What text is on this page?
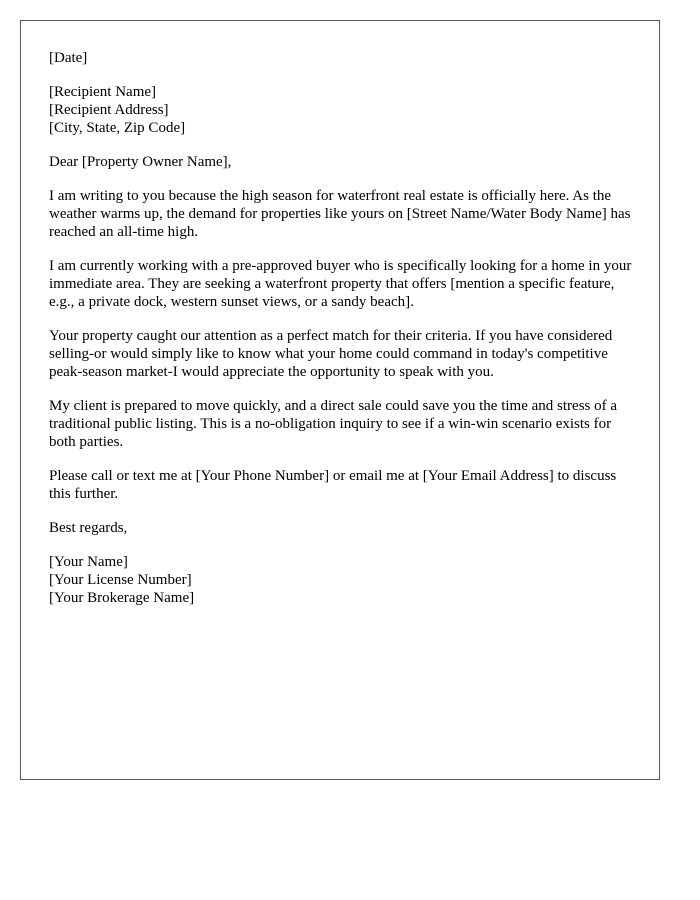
[Date]
[Recipient Name]
[Recipient Address]
[City, State, Zip Code]

Dear [Property Owner Name],

I am writing to you because the high season for waterfront real estate is officially here. As the weather warms up, the demand for properties like yours on [Street Name/Water Body Name] has reached an all-time high.

I am currently working with a pre-approved buyer who is specifically looking for a home in your immediate area. They are seeking a waterfront property that offers [mention a specific feature, e.g., a private dock, western sunset views, or a sandy beach].

Your property caught our attention as a perfect match for their criteria. If you have considered selling-or would simply like to know what your home could command in today's competitive peak-season market-I would appreciate the opportunity to speak with you.

My client is prepared to move quickly, and a direct sale could save you the time and stress of a traditional public listing. This is a no-obligation inquiry to see if a win-win scenario exists for both parties.

Please call or text me at [Your Phone Number] or email me at [Your Email Address] to discuss this further.

Best regards,

[Your Name]
[Your License Number]
[Your Brokerage Name]
